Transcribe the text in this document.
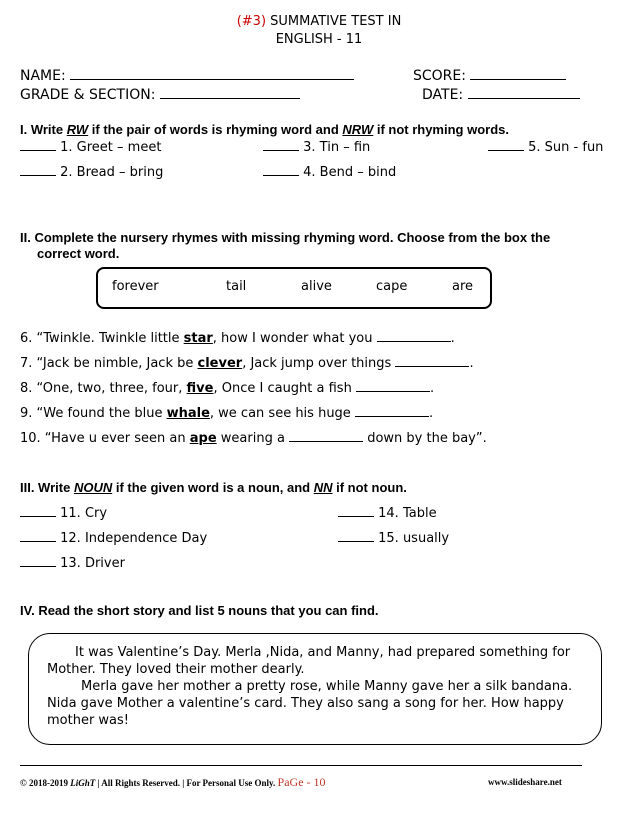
(#3) SUMMATIVE TEST IN
ENGLISH - 11
NAME:	SCORE:
GRADE & SECTION:	DATE:
I. Write RW if the pair of words is rhyming word and NRW if not rhyming words.
1. Greet – meet	3. Tin – fin	5. Sun - fun
2. Bread – bring	4. Bend – bind
II. Complete the nursery rhymes with missing rhyming word. Choose from the box the
correct word.
forever	tail	alive	cape	are
6. “Twinkle. Twinkle little star, how I wonder what you	.
7. “Jack be nimble, Jack be clever, Jack jump over things	.
8. “One, two, three, four, five, Once I caught a fish	.
9. “We found the blue whale, we can see his huge	.
10. “Have u ever seen an ape wearing a	down by the bay”.
III. Write NOUN if the given word is a noun, and NN if not noun.
11. Cry	14. Table
12. Independence Day	15. usually
13. Driver
IV. Read the short story and list 5 nouns that you can find.

It was Valentine’s Day. Merla ,Nida, and Manny, had prepared something for

Mother. They loved their mother dearly.

Merla gave her mother a pretty rose, while Manny gave her a silk bandana.

Nida gave Mother a valentine’s card. They also sang a song for her. How happy

mother was!

© 2018-2019 LiGhT | All Rights Reserved. | For Personal Use Only. PaGe - 10	www.slideshare.net
